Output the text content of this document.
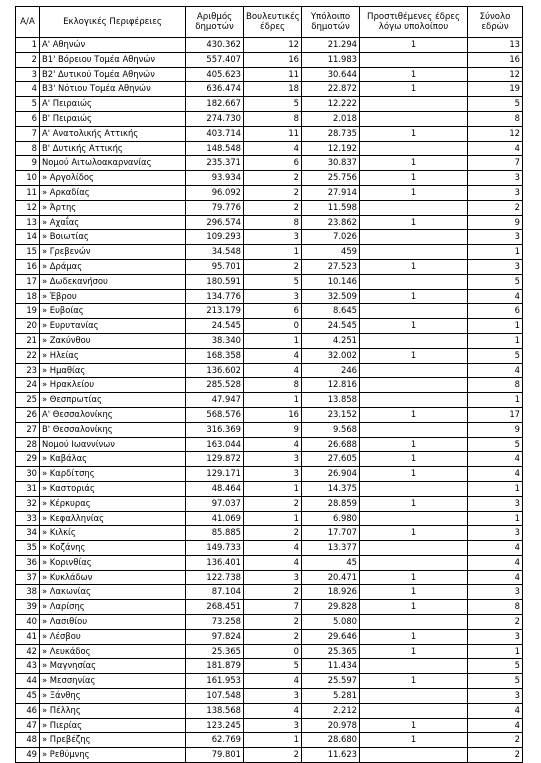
Α/Α	Εκλογικές Περιφέρειες	Αριθμός δημοτών	Βουλευτικές έδρες	Υπόλοιπο δημοτών	Προστιθέμενες έδρες λόγω υπολοίπου	Σύνολο εδρών
1	Α' Αθηνών	430.362	12	21.294	1	13
2	Β1' Βόρειου Τομέα Αθηνών	557.407	16	11.983		16
3	Β2' Δυτικού Τομέα Αθηνών	405.623	11	30.644	1	12
4	Β3' Νότιου Τομέα Αθηνών	636.474	18	22.872	1	19
5	Α' Πειραιώς	182.667	5	12.222		5
6	Β' Πειραιώς	274.730	8	2.018		8
7	Α' Ανατολικής Αττικής	403.714	11	28.735	1	12
8	Β' Δυτικής Αττικής	148.548	4	12.192		4
9	Νομού Αιτωλοακαρνανίας	235.371	6	30.837	1	7
10	» Αργολίδος	93.934	2	25.756	1	3
11	» Αρκαδίας	96.092	2	27.914	1	3
12	» Άρτης	79.776	2	11.598		2
13	» Αχαΐας	296.574	8	23.862	1	9
14	» Βοιωτίας	109.293	3	7.026		3
15	» Γρεβενών	34.548	1	459		1
16	» Δράμας	95.701	2	27.523	1	3
17	» Δωδεκανήσου	180.591	5	10.146		5
18	» Έβρου	134.776	3	32.509	1	4
19	» Ευβοίας	213.179	6	8.645		6
20	» Ευρυτανίας	24.545	0	24.545	1	1
21	» Ζακύνθου	38.340	1	4.251		1
22	» Ηλείας	168.358	4	32.002	1	5
23	» Ημαθίας	136.602	4	246		4
24	» Ηρακλείου	285.528	8	12.816		8
25	» Θεσπρωτίας	47.947	1	13.858		1
26	Α' Θεσσαλονίκης	568.576	16	23.152	1	17
27	Β' Θεσσαλονίκης	316.369	9	9.568		9
28	Νομού Ιωαννίνων	163.044	4	26.688	1	5
29	» Καβάλας	129.872	3	27.605	1	4
30	» Καρδίτσης	129.171	3	26.904	1	4
31	» Καστοριάς	48.464	1	14.375		1
32	» Κέρκυρας	97.037	2	28.859	1	3
33	» Κεφαλληνίας	41.069	1	6.980		1
34	» Κιλκίς	85.885	2	17.707	1	3
35	» Κοζάνης	149.733	4	13.377		4
36	» Κορινθίας	136.401	4	45		4
37	» Κυκλάδων	122.738	3	20.471	1	4
38	» Λακωνίας	87.104	2	18.926	1	3
39	» Λαρίσης	268.451	7	29.828	1	8
40	» Λασιθίου	73.258	2	5.080		2
41	» Λέσβου	97.824	2	29.646	1	3
42	» Λευκάδος	25.365	0	25.365	1	1
43	» Μαγνησίας	181.879	5	11.434		5
44	» Μεσσηνίας	161.953	4	25.597	1	5
45	» Ξάνθης	107.548	3	5.281		3
46	» Πέλλης	138.568	4	2.212		4
47	» Πιερίας	123.245	3	20.978	1	4
48	» Πρεβέζης	62.769	1	28.680	1	2
49	» Ρεθύμνης	79.801	2	11.623		2
